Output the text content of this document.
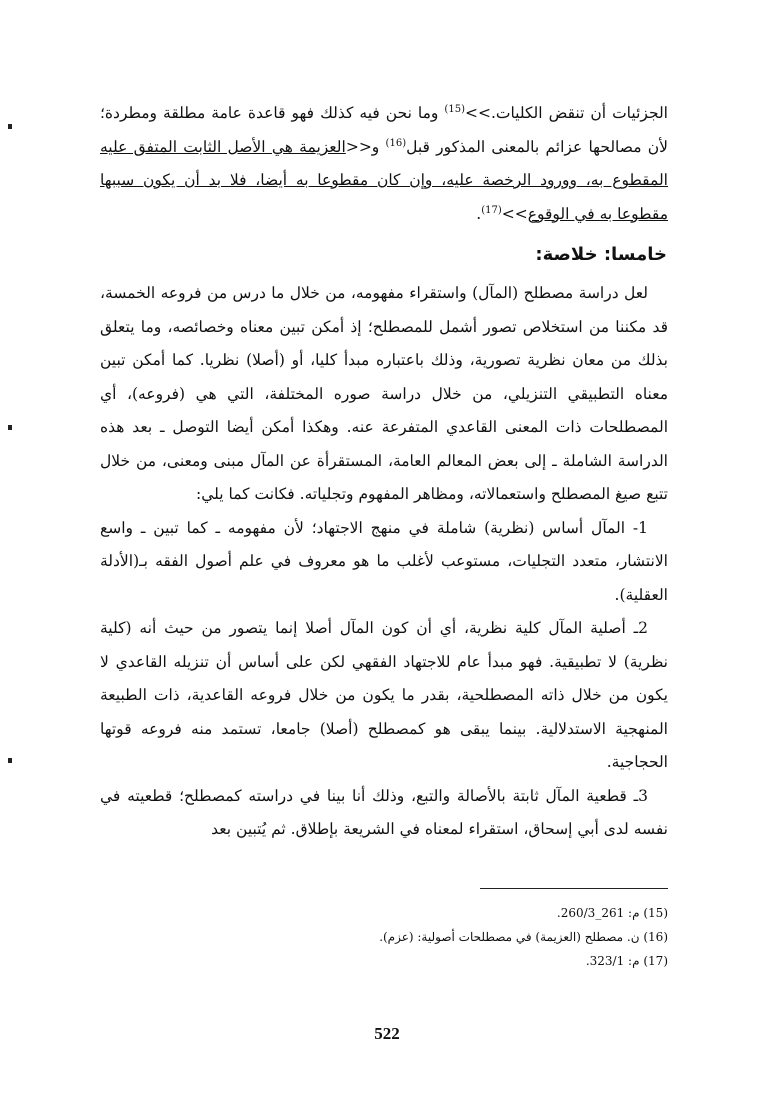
الجزئيات أن تنقض الكليات.>>$^{(15)}$ وما نحن فيه كذلك فهو قاعدة عامة مطلقة ومطردة؛ لأن مصالحها عزائم بالمعنى المذكور قبل$^{(16)}$ و<<العزيمة هي الأصل الثابت المتفق عليه المقطوع به، وورود الرخصة عليه، وإن كان مقطوعا به أيضا، فلا بد أن يكون سببها مقطوعا به في الوقوع>>$^{(17)}$.

خامسا: خلاصة:

لعل دراسة مصطلح (المآل) واستقراء مفهومه، من خلال ما درس من فروعه الخمسة، قد مكننا من استخلاص تصور أشمل للمصطلح؛ إذ أمكن تبين معناه وخصائصه، وما يتعلق بذلك من معان نظرية تصورية، وذلك باعتباره مبدأ كليا، أو (أصلا) نظريا. كما أمكن تبين معناه التطبيقي التنزيلي، من خلال دراسة صوره المختلفة، التي هي (فروعه)، أي المصطلحات ذات المعنى القاعدي المتفرعة عنه. وهكذا أمكن أيضا التوصل ـ بعد هذه الدراسة الشاملة ـ إلى بعض المعالم العامة، المستقرأة عن المآل مبنى ومعنى، من خلال تتبع صيغ المصطلح واستعمالاته، ومظاهر المفهوم وتجلياته. فكانت كما يلي:

1- المآل أساس (نظرية) شاملة في منهج الاجتهاد؛ لأن مفهومه ـ كما تبين ـ واسع الانتشار، متعدد التجليات، مستوعب لأغلب ما هو معروف في علم أصول الفقه بـ(الأدلة العقلية).

2ـ أصلية المآل كلية نظرية، أي أن كون المآل أصلا إنما يتصور من حيث أنه (كلية نظرية) لا تطبيقية. فهو مبدأ عام للاجتهاد الفقهي لكن على أساس أن تنزيله القاعدي لا يكون من خلال ذاته المصطلحية، بقدر ما يكون من خلال فروعه القاعدية، ذات الطبيعة المنهجية الاستدلالية. بينما يبقى هو كمصطلح (أصلا) جامعا، تستمد منه فروعه قوتها الحجاجية.

3ـ قطعية المآل ثابتة بالأصالة والتبع، وذلك أنا بينا في دراسته كمصطلح؛ قطعيته في نفسه لدى أبي إسحاق، استقراء لمعناه في الشريعة بإطلاق. ثم يُتبين بعد

(15) م: 261_260/3.
(16) ن. مصطلح (العزيمة) في مصطلحات أصولية: (عزم).
(17) م: 323/1.
522
